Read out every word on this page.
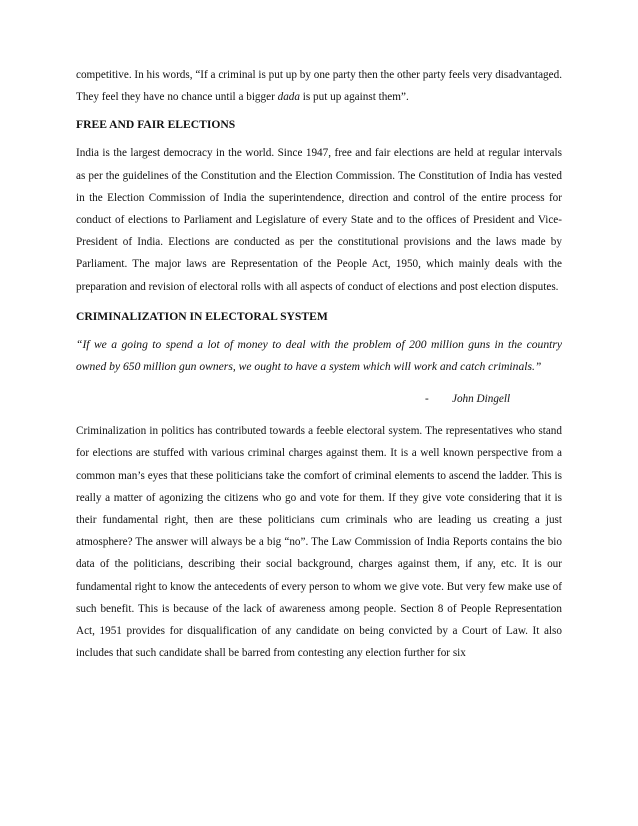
competitive. In his words, “If a criminal is put up by one party then the other party feels very disadvantaged. They feel they have no chance until a bigger dada is put up against them”.

FREE AND FAIR ELECTIONS

India is the largest democracy in the world. Since 1947, free and fair elections are held at regular intervals as per the guidelines of the Constitution and the Election Commission. The Constitution of India has vested in the Election Commission of India the superintendence, direction and control of the entire process for conduct of elections to Parliament and Legislature of every State and to the offices of President and Vice-President of India. Elections are conducted as per the constitutional provisions and the laws made by Parliament. The major laws are Representation of the People Act, 1950, which mainly deals with the preparation and revision of electoral rolls with all aspects of conduct of elections and post election disputes.

CRIMINALIZATION IN ELECTORAL SYSTEM

“If we a going to spend a lot of money to deal with the problem of 200 million guns in the country owned by 650 million gun owners, we ought to have a system which will work and catch criminals.”

- John Dingell

Criminalization in politics has contributed towards a feeble electoral system. The representatives who stand for elections are stuffed with various criminal charges against them. It is a well known perspective from a common man’s eyes that these politicians take the comfort of criminal elements to ascend the ladder. This is really a matter of agonizing the citizens who go and vote for them. If they give vote considering that it is their fundamental right, then are these politicians cum criminals who are leading us creating a just atmosphere? The answer will always be a big “no”. The Law Commission of India Reports contains the bio data of the politicians, describing their social background, charges against them, if any, etc. It is our fundamental right to know the antecedents of every person to whom we give vote. But very few make use of such benefit. This is because of the lack of awareness among people. Section 8 of People Representation Act, 1951 provides for disqualification of any candidate on being convicted by a Court of Law. It also includes that such candidate shall be barred from contesting any election further for six
